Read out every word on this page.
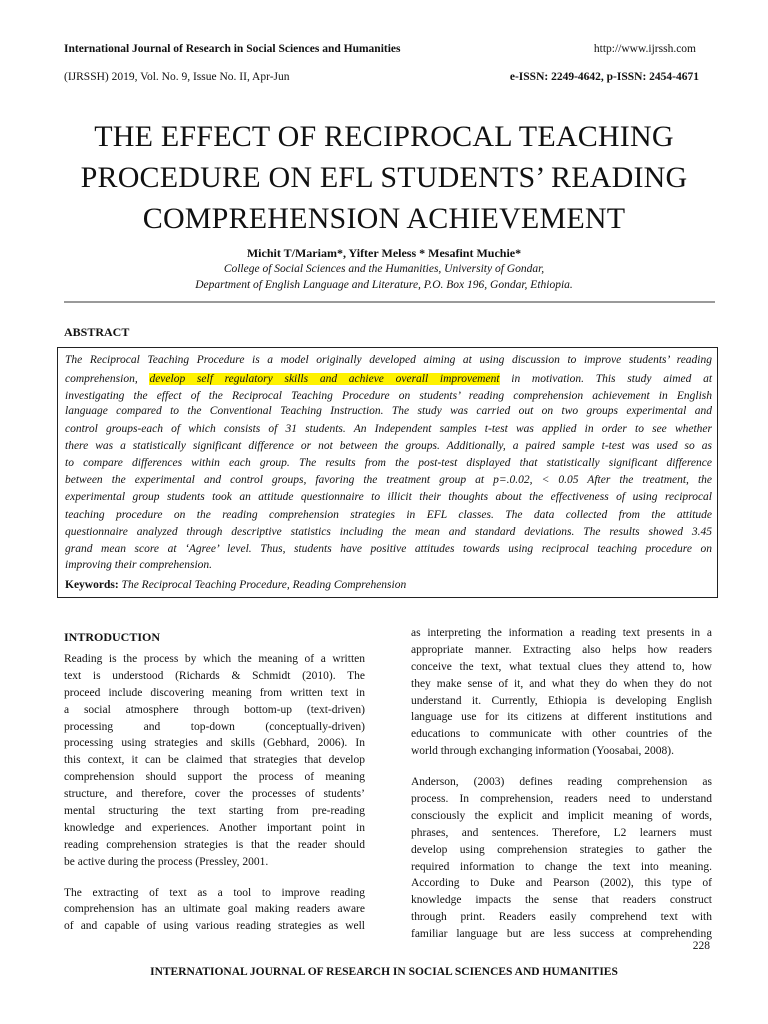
International Journal of Research in Social Sciences and Humanities	http://www.ijrssh.com
(IJRSSH) 2019, Vol. No. 9, Issue No. II, Apr-Jun	e-ISSN: 2249-4642, p-ISSN: 2454-4671
THE EFFECT OF RECIPROCAL TEACHING
PROCEDURE ON EFL STUDENTS’ READING
COMPREHENSION ACHIEVEMENT
Michit T/Mariam*, Yifter Meless * Mesafint Muchie*
College of Social Sciences and the Humanities, University of Gondar,
Department of English Language and Literature, P.O. Box 196, Gondar, Ethiopia.
ABSTRACT
The Reciprocal Teaching Procedure is a model originally developed aiming at using discussion to improve students’ reading
comprehension, develop self regulatory skills and achieve overall improvement in motivation. This study aimed at
investigating the effect of the Reciprocal Teaching Procedure on students’ reading comprehension achievement in English
language compared to the Conventional Teaching Instruction. The study was carried out on two groups experimental and
control groups-each of which consists of 31 students. An Independent samples t-test was applied in order to see whether
there was a statistically significant difference or not between the groups. Additionally, a paired sample t-test was used so as
to compare differences within each group. The results from the post-test displayed that statistically significant difference
between the experimental and control groups, favoring the treatment group at p=.0.02, < 0.05 After the treatment, the
experimental group students took an attitude questionnaire to illicit their thoughts about the effectiveness of using reciprocal
teaching procedure on the reading comprehension strategies in EFL classes. The data collected from the attitude
questionnaire analyzed through descriptive statistics including the mean and standard deviations. The results showed 3.45
grand mean score at ‘Agree’ level. Thus, students have positive attitudes towards using reciprocal teaching procedure on
improving their comprehension.
Keywords: The Reciprocal Teaching Procedure, Reading Comprehension
INTRODUCTION
Reading is the process by which the meaning of a written
text is understood (Richards & Schmidt (2010). The
proceed include discovering meaning from written text in
a social atmosphere through bottom-up (text-driven)
processing and top-down (conceptually-driven)
processing using strategies and skills (Gebhard, 2006). In
this context, it can be claimed that strategies that develop
comprehension should support the process of meaning
structure, and therefore, cover the processes of students’
mental structuring the text starting from pre-reading
knowledge and experiences. Another important point in
reading comprehension strategies is that the reader should
be active during the process (Pressley, 2001.
The extracting of text as a tool to improve reading
comprehension has an ultimate goal making readers aware
of and capable of using various reading strategies as well
as interpreting the information a reading text presents in a
appropriate manner. Extracting also helps how readers
conceive the text, what textual clues they attend to, how
they make sense of it, and what they do when they do not
understand it. Currently, Ethiopia is developing English
language use for its citizens at different institutions and
educations to communicate with other countries of the
world through exchanging information (Yoosabai, 2008).
Anderson, (2003) defines reading comprehension as
process. In comprehension, readers need to understand
consciously the explicit and implicit meaning of words,
phrases, and sentences. Therefore, L2 learners must
develop using comprehension strategies to gather the
required information to change the text into meaning.
According to Duke and Pearson (2002), this type of
knowledge impacts the sense that readers construct
through print. Readers easily comprehend text with
familiar language but are less success at comprehending
228
INTERNATIONAL JOURNAL OF RESEARCH IN SOCIAL SCIENCES AND HUMANITIES
